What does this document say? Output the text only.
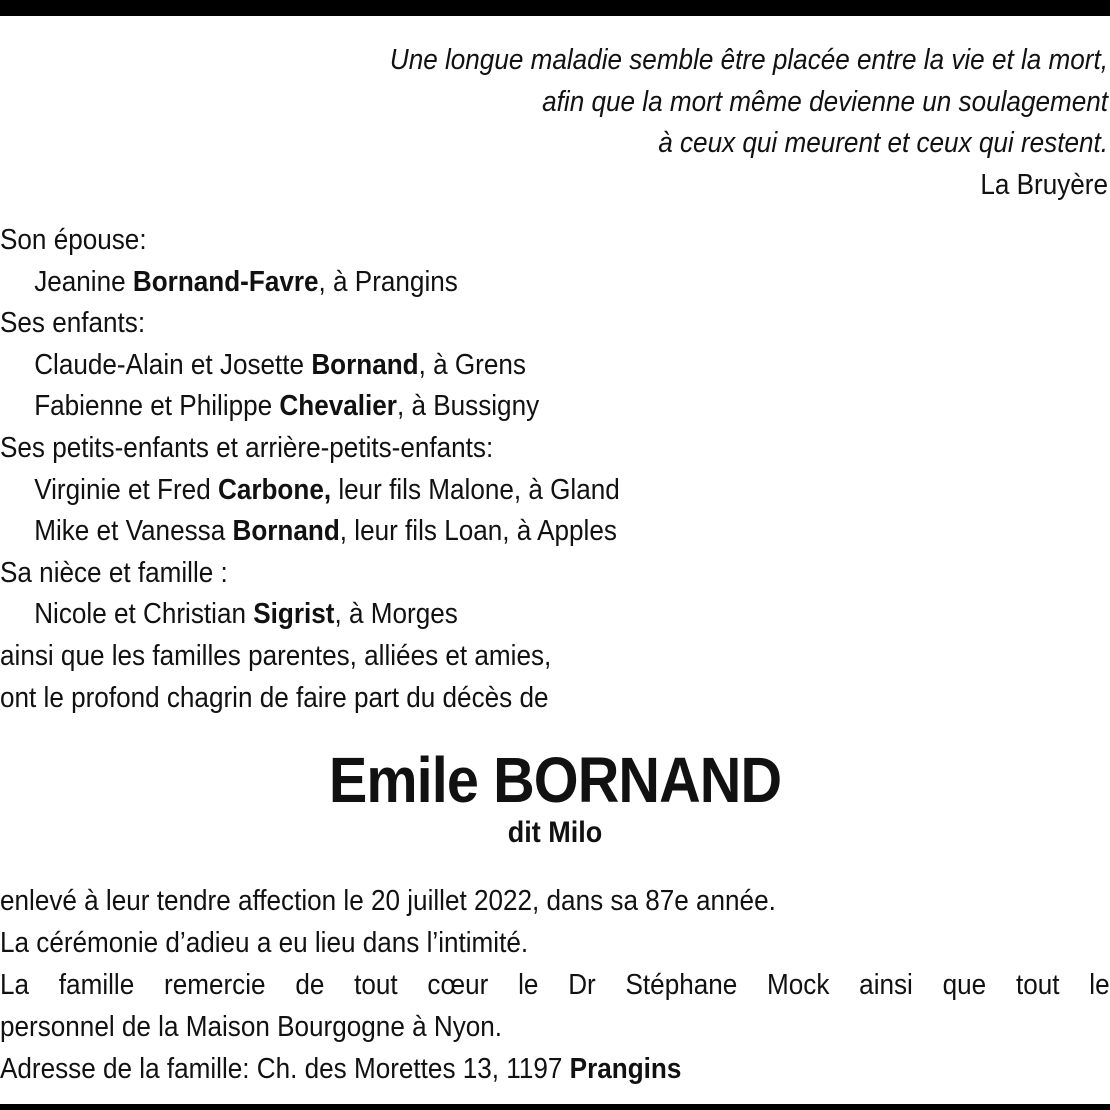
Une longue maladie semble être placée entre la vie et la mort,
afin que la mort même devienne un soulagement
à ceux qui meurent et ceux qui restent.
La Bruyère
Son épouse:
Jeanine Bornand-Favre, à Prangins
Ses enfants:
Claude-Alain et Josette Bornand, à Grens
Fabienne et Philippe Chevalier, à Bussigny
Ses petits-enfants et arrière-petits-enfants:
Virginie et Fred Carbone, leur fils Malone, à Gland
Mike et Vanessa Bornand, leur fils Loan, à Apples
Sa nièce et famille :
Nicole et Christian Sigrist, à Morges
ainsi que les familles parentes, alliées et amies,
ont le profond chagrin de faire part du décès de
Emile BORNAND
dit Milo
enlevé à leur tendre affection le 20 juillet 2022, dans sa 87e année.
La cérémonie d’adieu a eu lieu dans l’intimité.
La famille remercie de tout cœur le Dr Stéphane Mock ainsi que tout le
personnel de la Maison Bourgogne à Nyon.
Adresse de la famille: Ch. des Morettes 13, 1197 Prangins
